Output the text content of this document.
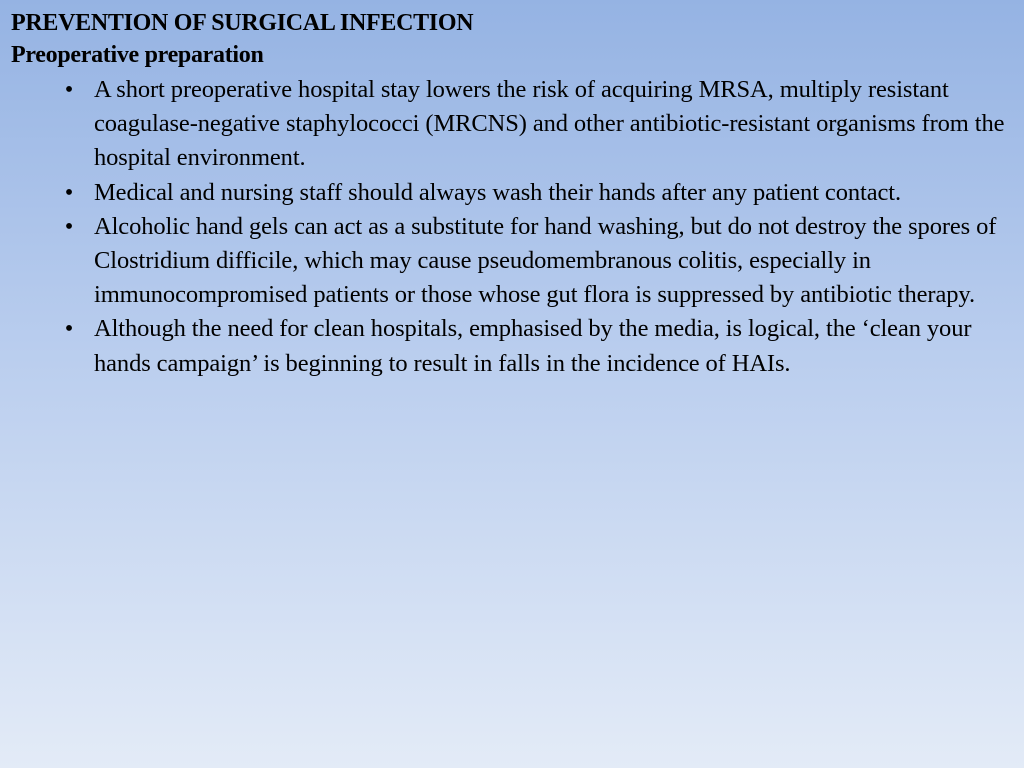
PREVENTION OF SURGICAL INFECTION
Preoperative preparation
• A short preoperative hospital stay lowers the risk of acquiring MRSA, multiply resistant coagulase-negative staphylococci (MRCNS) and other antibiotic-resistant organisms from the hospital environment.
• Medical and nursing staff should always wash their hands after any patient contact.
• Alcoholic hand gels can act as a substitute for hand washing, but do not destroy the spores of Clostridium difficile, which may cause pseudomembranous colitis, especially in immunocompromised patients or those whose gut flora is suppressed by antibiotic therapy.
• Although the need for clean hospitals, emphasised by the media, is logical, the ‘clean your hands campaign’ is beginning to result in falls in the incidence of HAIs.
